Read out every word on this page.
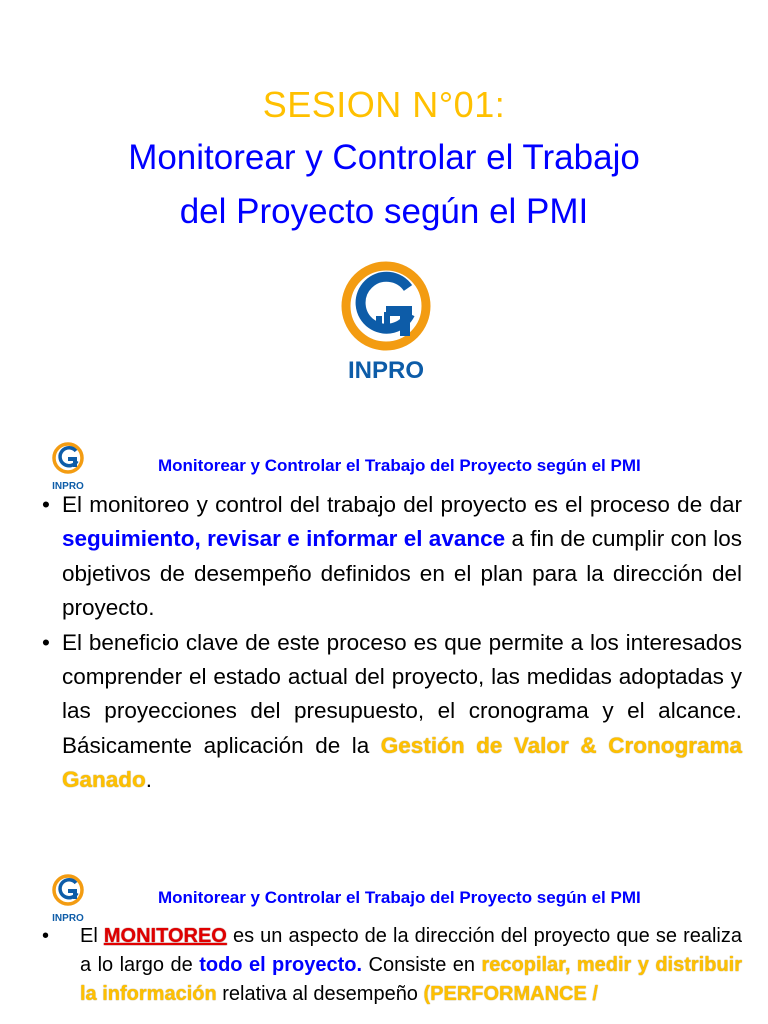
SESION N°01:
Monitorear y Controlar el Trabajo
del Proyecto según el PMI
INPRO
INPRO
Monitorear y Controlar el Trabajo del Proyecto según el PMI
• El monitoreo y control del trabajo del proyecto es el proceso de dar seguimiento, revisar e informar el avance a fin de cumplir con los objetivos de desempeño definidos en el plan para la dirección del proyecto.
• El beneficio clave de este proceso es que permite a los interesados comprender el estado actual del proyecto, las medidas adoptadas y las proyecciones del presupuesto, el cronograma y el alcance. Básicamente aplicación de la Gestión de Valor & Cronograma Ganado.
INPRO
Monitorear y Controlar el Trabajo del Proyecto según el PMI
• El MONITOREO es un aspecto de la dirección del proyecto que se realiza a lo largo de todo el proyecto. Consiste en recopilar, medir y distribuir la información relativa al desempeño (PERFORMANCE /
